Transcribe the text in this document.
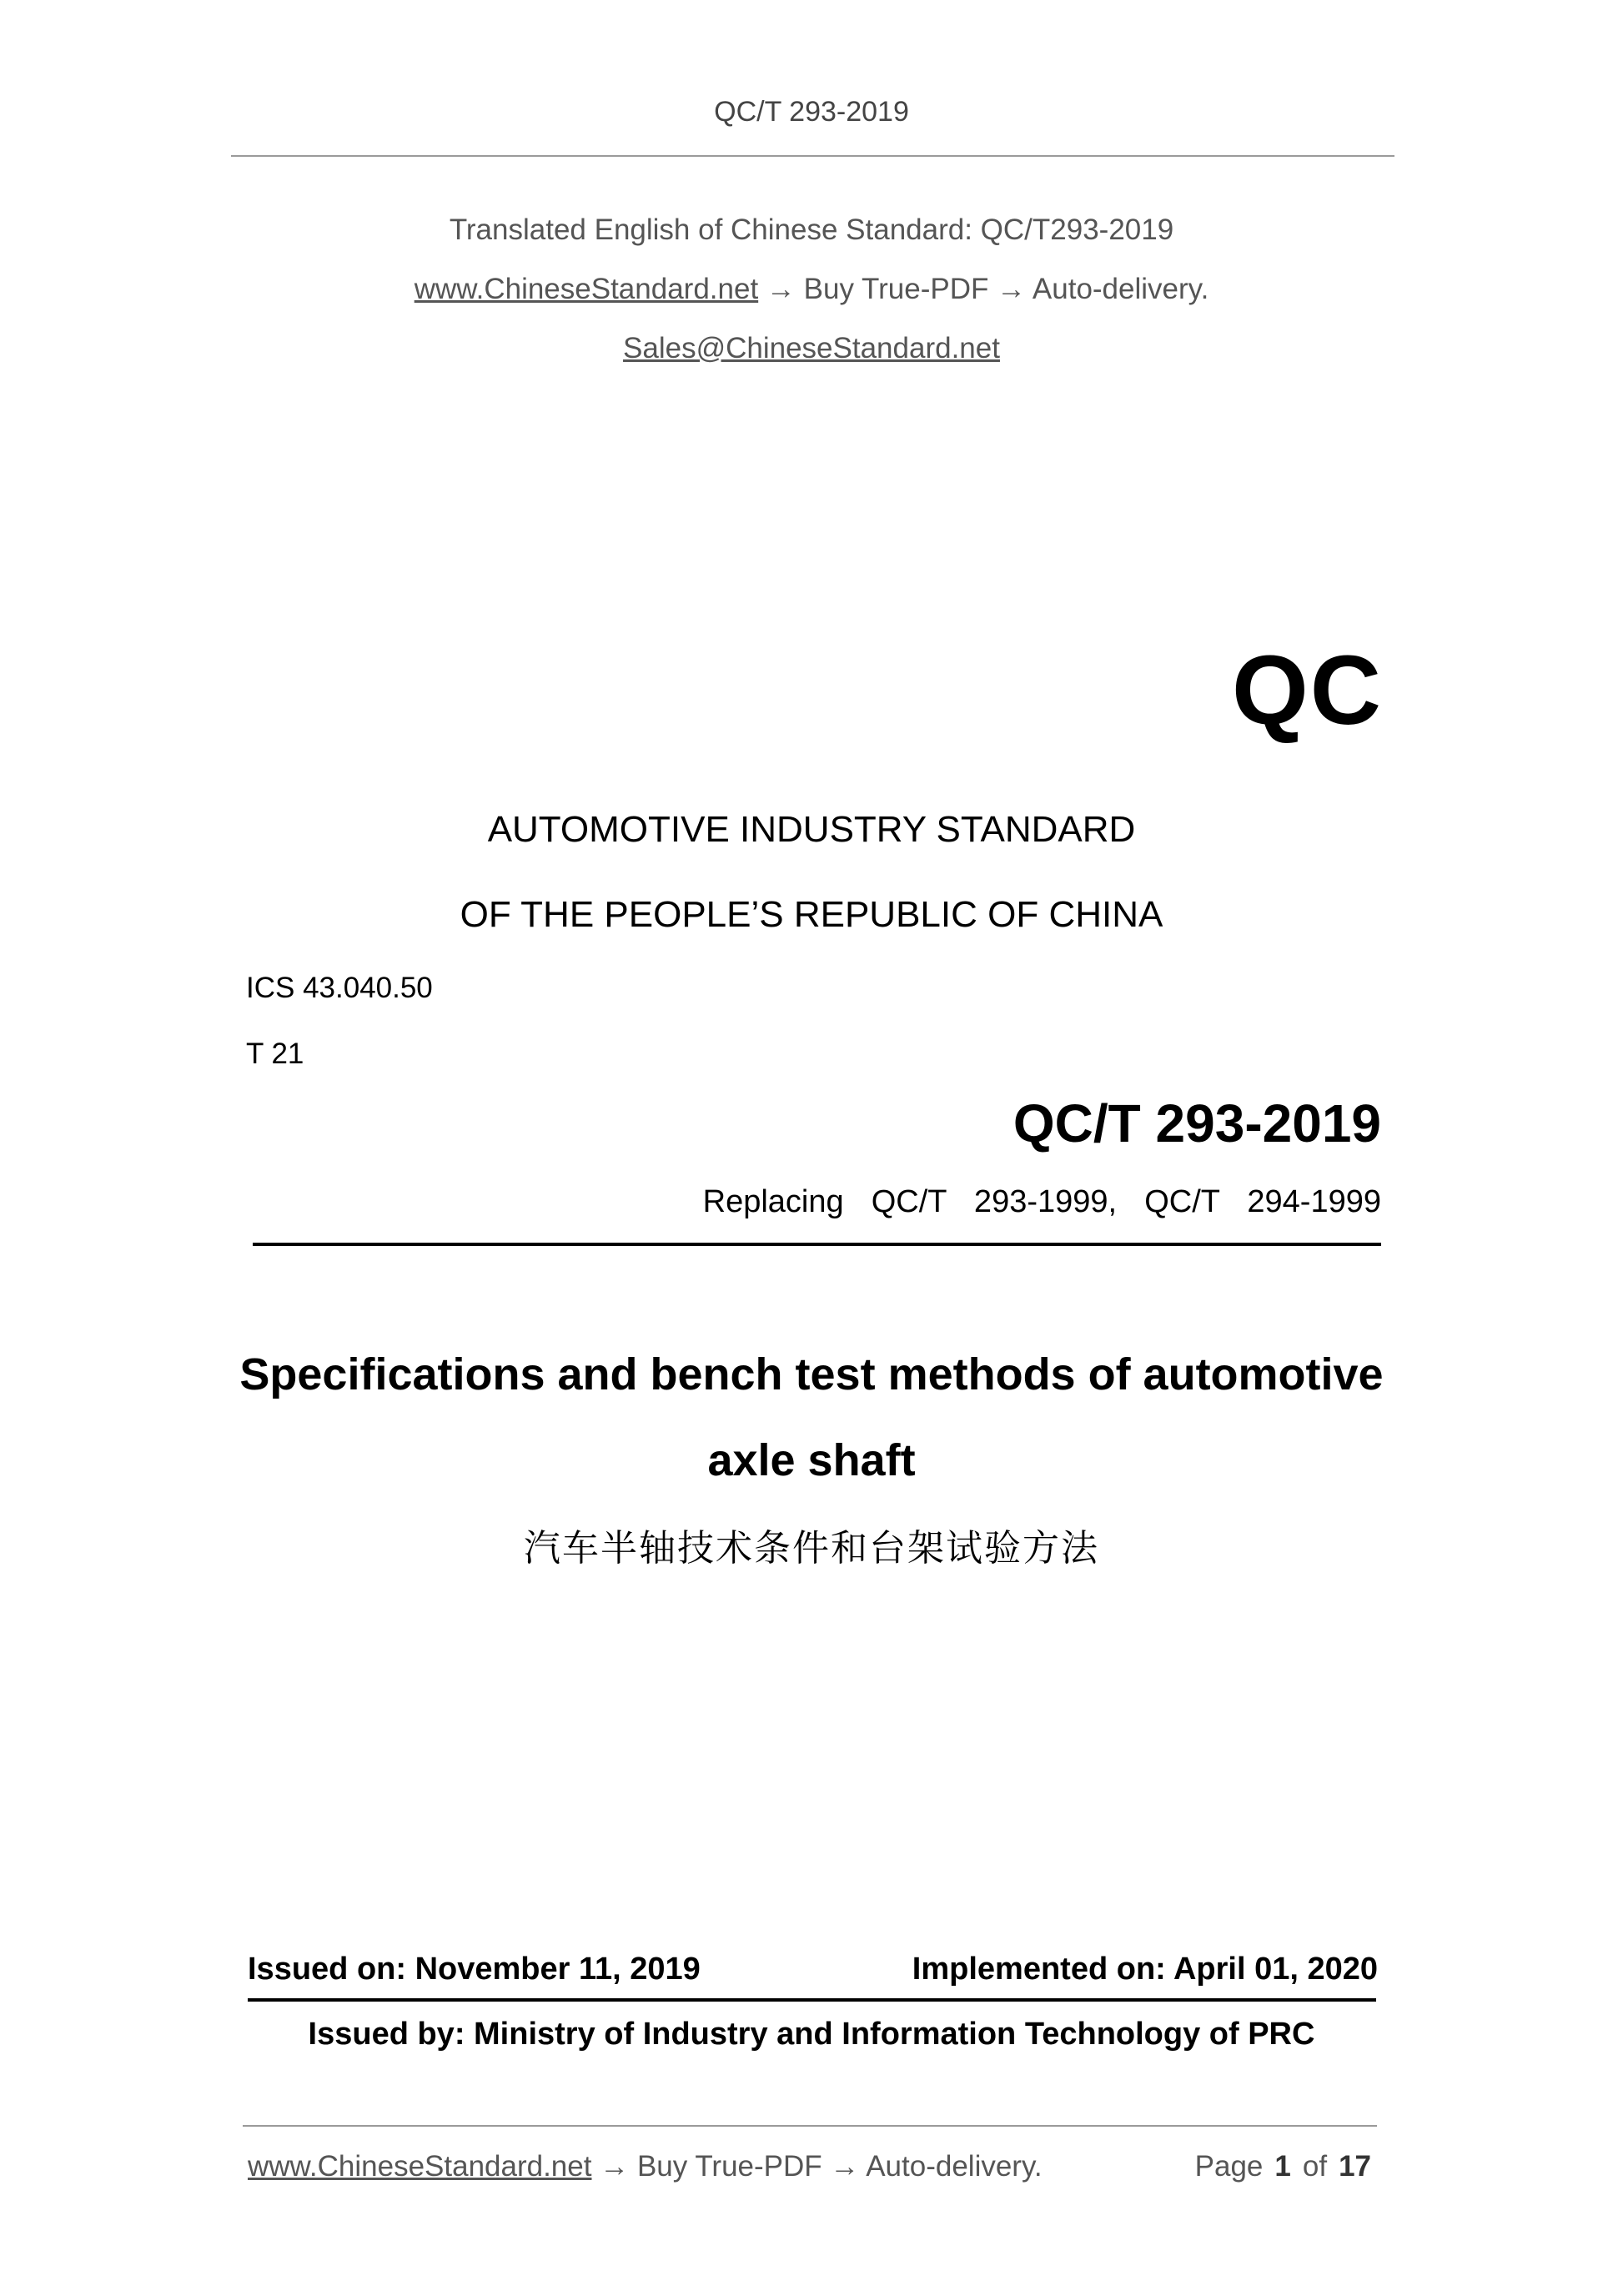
QC/T 293-2019
Translated English of Chinese Standard: QC/T293-2019
www.ChineseStandard.net → Buy True-PDF → Auto-delivery.
Sales@ChineseStandard.net
QC
AUTOMOTIVE INDUSTRY STANDARD
OF THE PEOPLE’S REPUBLIC OF CHINA
ICS 43.040.50
T 21
QC/T 293-2019
Replacing  QC/T  293-1999,  QC/T  294-1999
Specifications and bench test methods of automotive
axle shaft
汽车半轴技术条件和台架试验方法
Issued on: November 11, 2019	Implemented on: April 01, 2020
Issued by: Ministry of Industry and Information Technology of PRC
www.ChineseStandard.net → Buy True-PDF → Auto-delivery.	Page 1 of 17
